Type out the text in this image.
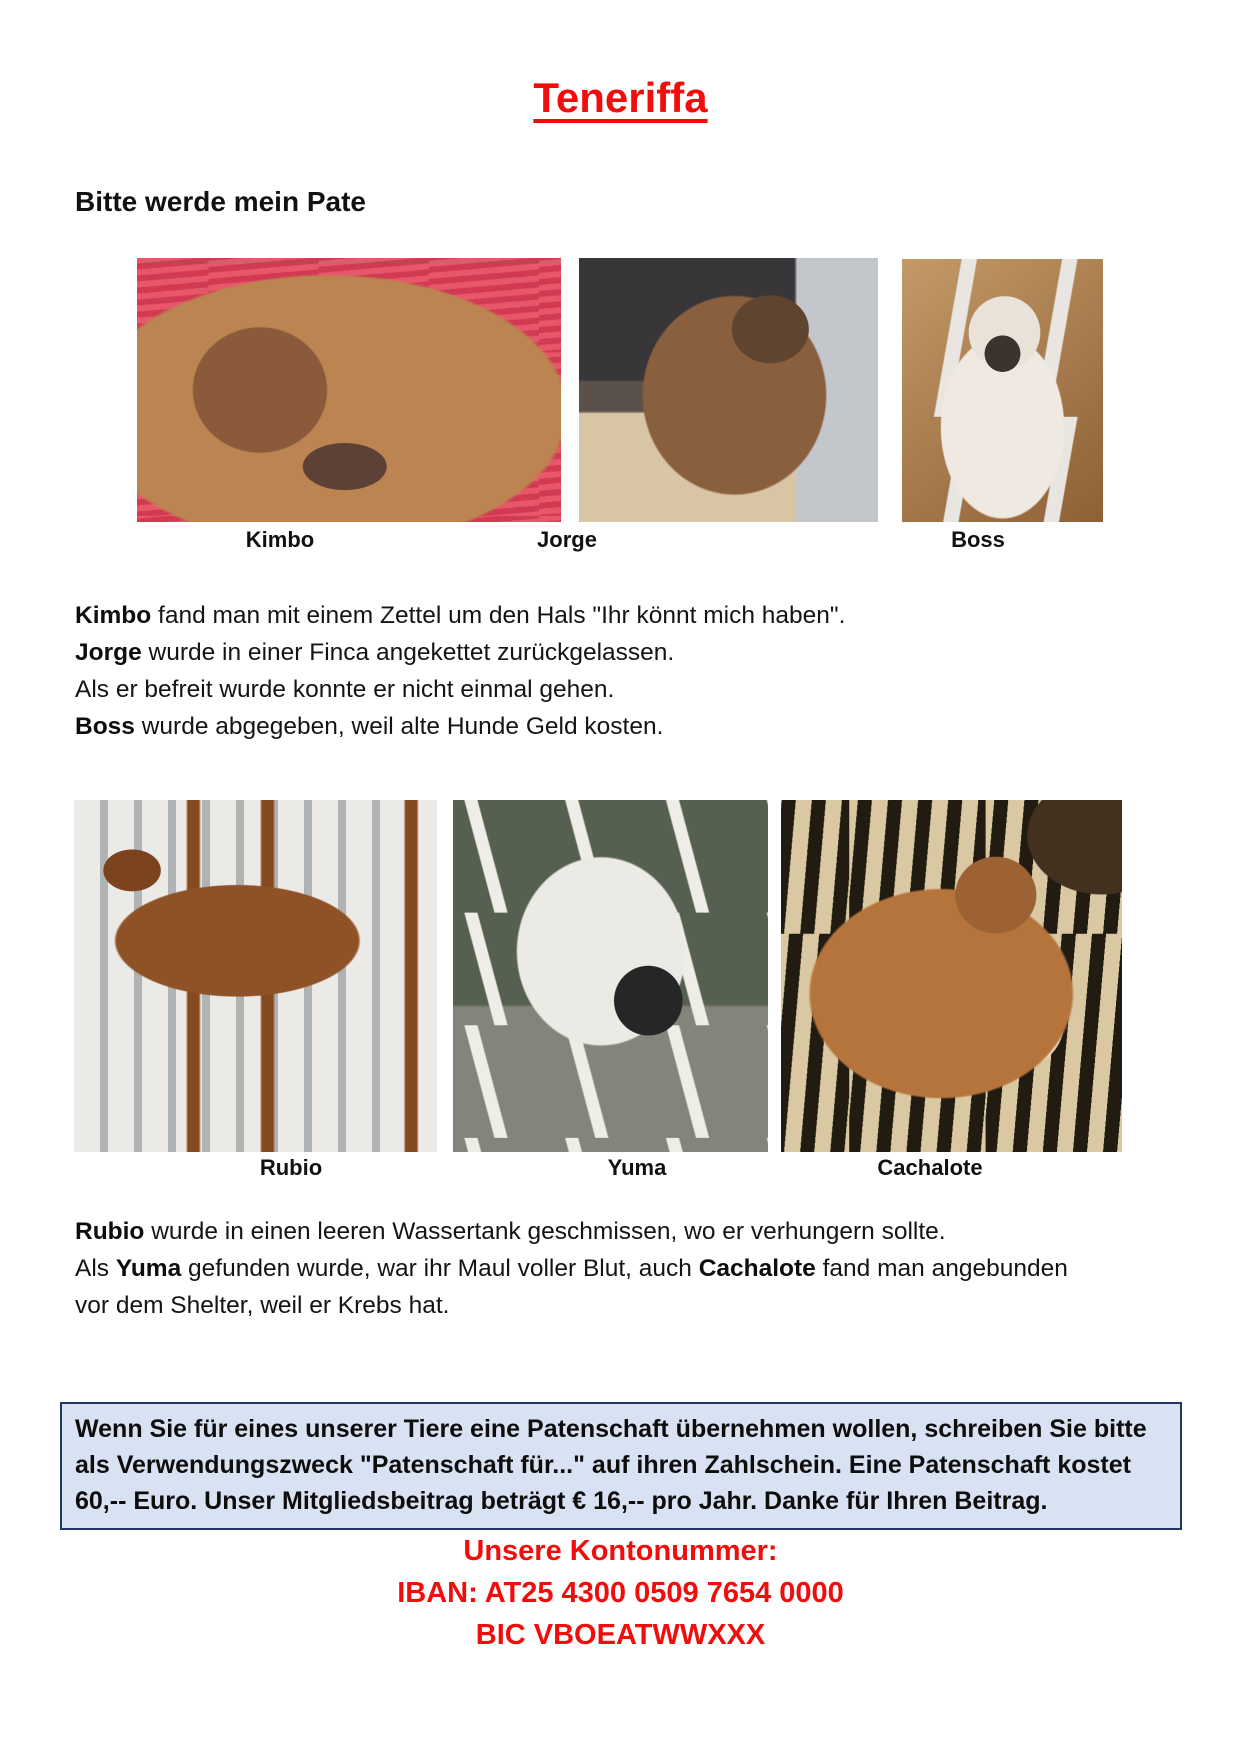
Teneriffa
Bitte werde mein Pate
Kimbo	Jorge	Boss
Kimbo fand man mit einem Zettel um den Hals "Ihr könnt mich haben".
Jorge wurde in einer Finca angekettet zurückgelassen.
Als er befreit wurde konnte er nicht einmal gehen.
Boss wurde abgegeben, weil alte Hunde Geld kosten.
Rubio	Yuma	Cachalote
Rubio wurde in einen leeren Wassertank geschmissen, wo er verhungern sollte.
Als Yuma gefunden wurde, war ihr Maul voller Blut, auch Cachalote fand man angebunden
vor dem Shelter, weil er Krebs hat.
Wenn Sie für eines unserer Tiere eine Patenschaft übernehmen wollen, schreiben Sie bitte als Verwendungszweck "Patenschaft für..." auf ihren Zahlschein. Eine Patenschaft kostet 60,-- Euro. Unser Mitgliedsbeitrag beträgt € 16,-- pro Jahr. Danke für Ihren Beitrag.
Unsere Kontonummer:
IBAN: AT25 4300 0509 7654 0000
BIC VBOEATWWXXX
